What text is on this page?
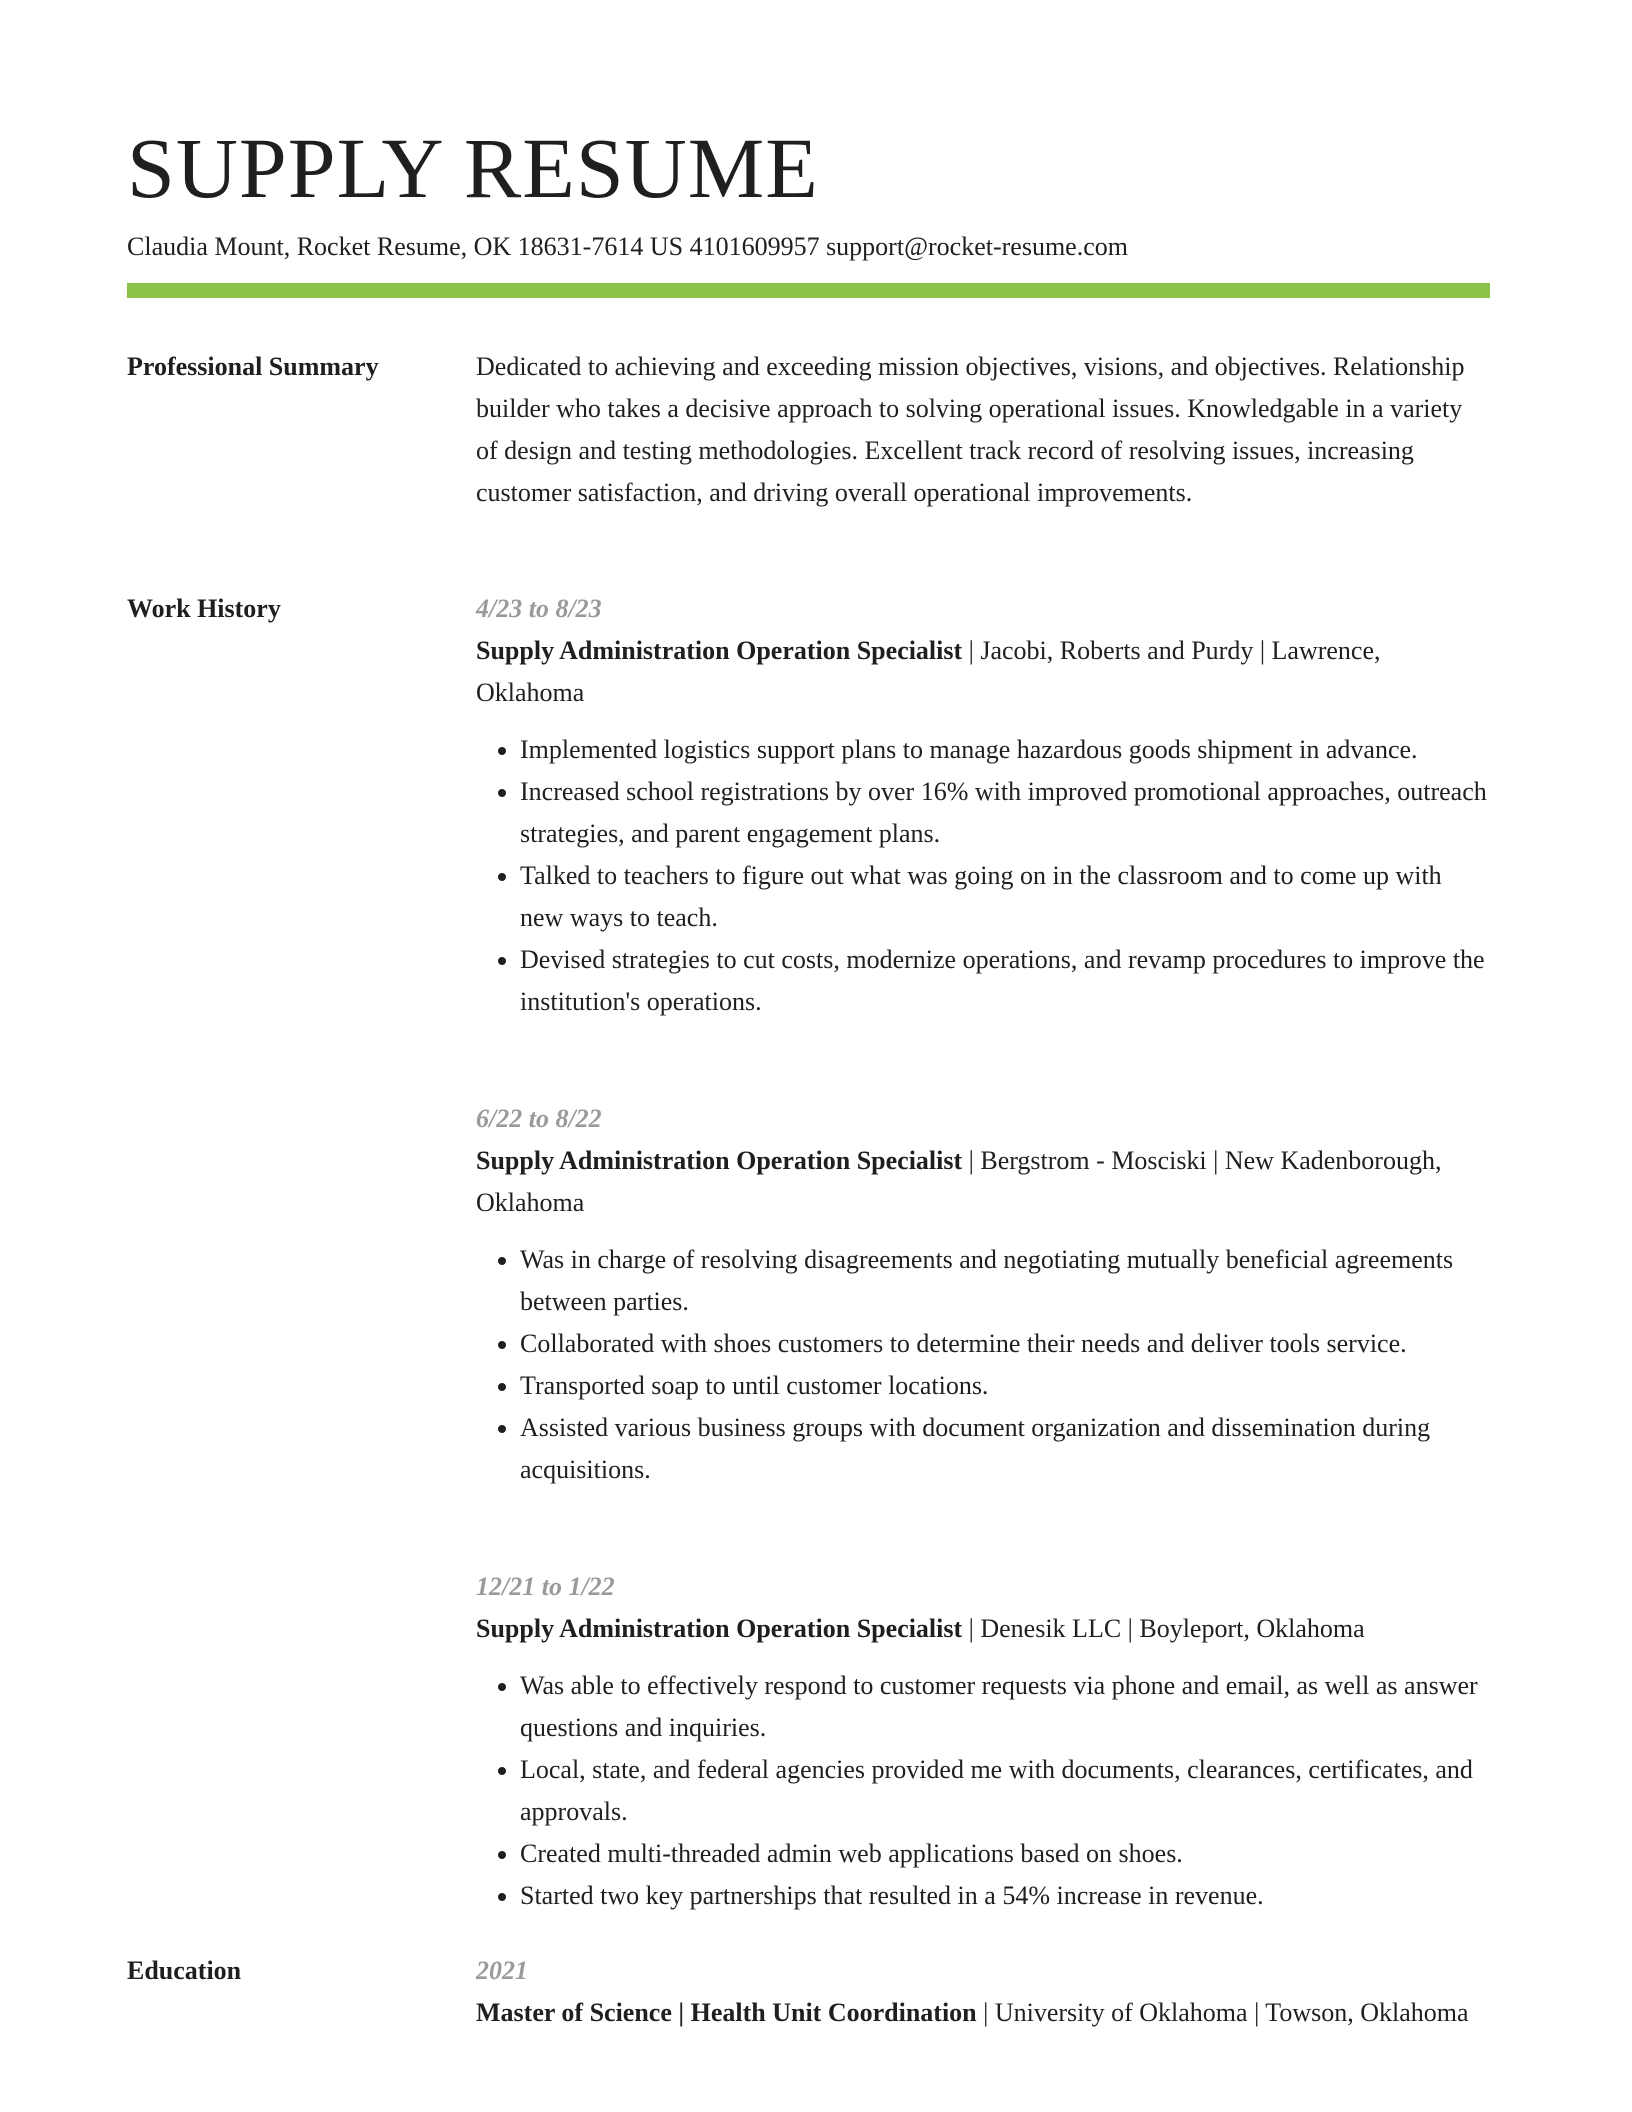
SUPPLY RESUME
Claudia Mount, Rocket Resume, OK 18631-7614 US 4101609957 support@rocket-resume.com
Professional Summary	Dedicated to achieving and exceeding mission objectives, visions, and objectives. Relationship builder who takes a decisive approach to solving operational issues. Knowledgable in a variety of design and testing methodologies. Excellent track record of resolving issues, increasing customer satisfaction, and driving overall operational improvements.

Work History	4/23 to 8/23

Supply Administration Operation Specialist | Jacobi, Roberts and Purdy | Lawrence, Oklahoma

• Implemented logistics support plans to manage hazardous goods shipment in advance.
• Increased school registrations by over 16% with improved promotional approaches, outreach strategies, and parent engagement plans.
• Talked to teachers to figure out what was going on in the classroom and to come up with new ways to teach.
• Devised strategies to cut costs, modernize operations, and revamp procedures to improve the institution's operations.
6/22 to 8/22

Supply Administration Operation Specialist | Bergstrom - Mosciski | New Kadenborough, Oklahoma

• Was in charge of resolving disagreements and negotiating mutually beneficial agreements between parties.
• Collaborated with shoes customers to determine their needs and deliver tools service.
• Transported soap to until customer locations.
• Assisted various business groups with document organization and dissemination during acquisitions.
12/21 to 1/22

Supply Administration Operation Specialist | Denesik LLC | Boyleport, Oklahoma

• Was able to effectively respond to customer requests via phone and email, as well as answer questions and inquiries.
• Local, state, and federal agencies provided me with documents, clearances, certificates, and approvals.
• Created multi-threaded admin web applications based on shoes.
• Started two key partnerships that resulted in a 54% increase in revenue.
Education	2021

Master of Science | Health Unit Coordination | University of Oklahoma | Towson, Oklahoma
